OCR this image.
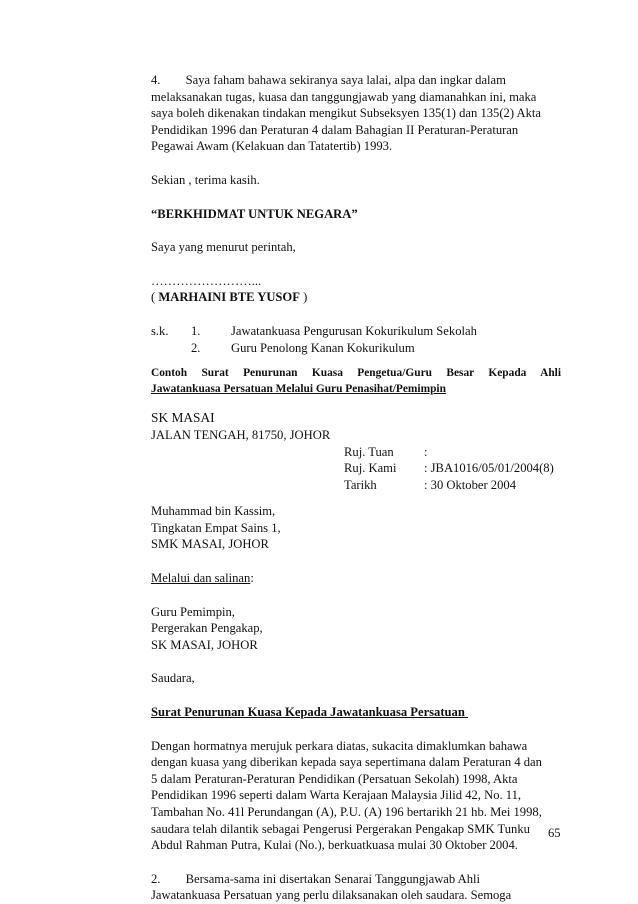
4.  Saya faham bahawa sekiranya saya lalai, alpa dan ingkar dalam

melaksanakan tugas, kuasa dan tanggungjawab yang diamanahkan ini, maka

saya boleh dikenakan tindakan mengikut Subseksyen 135(1) dan 135(2) Akta

Pendidikan 1996 dan Peraturan 4 dalam Bahagian II Peraturan-Peraturan

Pegawai Awam (Kelakuan dan Tatatertib) 1993.

Sekian , terima kasih.

“BERKHIDMAT UNTUK NEGARA”

Saya yang menurut perintah,

……………………...

( MARHAINI BTE YUSOF )

s.k.	1.	Jawatankuasa Pengurusan Kokurikulum Sekolah
2.	Guru Penolong Kanan Kokurikulum

Contoh Surat Penurunan Kuasa Pengetua/Guru Besar Kepada Ahli

Jawatankuasa Persatuan Melalui Guru Penasihat/Pemimpin

SK MASAI

JALAN TENGAH, 81750, JOHOR

Ruj. Tuan	:
Ruj. Kami	: JBA1016/05/01/2004(8)
Tarikh	: 30 Oktober 2004

Muhammad bin Kassim,

Tingkatan Empat Sains 1,

SMK MASAI, JOHOR

Melalui dan salinan:

Guru Pemimpin,

Pergerakan Pengakap,

SK MASAI, JOHOR

Saudara,

Surat Penurunan Kuasa Kepada Jawatankuasa Persatuan

Dengan hormatnya merujuk perkara diatas, sukacita dimaklumkan bahawa

dengan kuasa yang diberikan kepada saya sepertimana dalam Peraturan 4 dan

5 dalam Peraturan-Peraturan Pendidikan (Persatuan Sekolah) 1998, Akta

Pendidikan 1996 seperti dalam Warta Kerajaan Malaysia Jilid 42, No. 11,

Tambahan No. 41l Perundangan (A), P.U. (A) 196 bertarikh 21 hb. Mei 1998,

saudara telah dilantik sebagai Pengerusi Pergerakan Pengakap SMK Tunku

Abdul Rahman Putra, Kulai (No.), berkuatkuasa mulai 30 Oktober 2004.

2.  Bersama-sama ini disertakan Senarai Tanggungjawab Ahli

Jawatankuasa Persatuan yang perlu dilaksanakan oleh saudara. Semoga

65
